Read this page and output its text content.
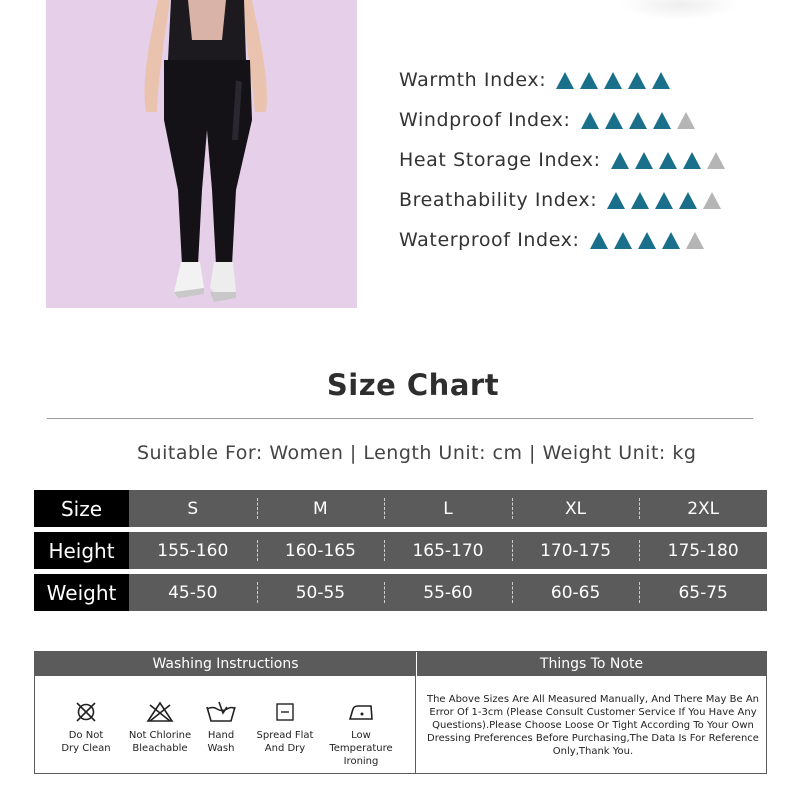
Warmth Index:
Windproof Index:
Heat Storage Index:
Breathability Index:
Waterproof Index:
Size Chart
Suitable For: Women | Length Unit: cm | Weight Unit: kg
Size	S	M	L	XL	2XL
Height	155-160	160-165	165-170	170-175	175-180
Weight	45-50	50-55	55-60	60-65	65-75
Washing Instructions	Things To Note
Do Not
Dry Clean
Not Chlorine
Bleachable
Hand
Wash
Spread Flat
And Dry
Low
Temperature
Ironing
The Above Sizes Are All Measured Manually, And There May Be An Error Of 1-3cm (Please Consult Customer Service If You Have Any Questions).Please Choose Loose Or Tight According To Your Own Dressing Preferences Before Purchasing,The Data Is For Reference Only,Thank You.
